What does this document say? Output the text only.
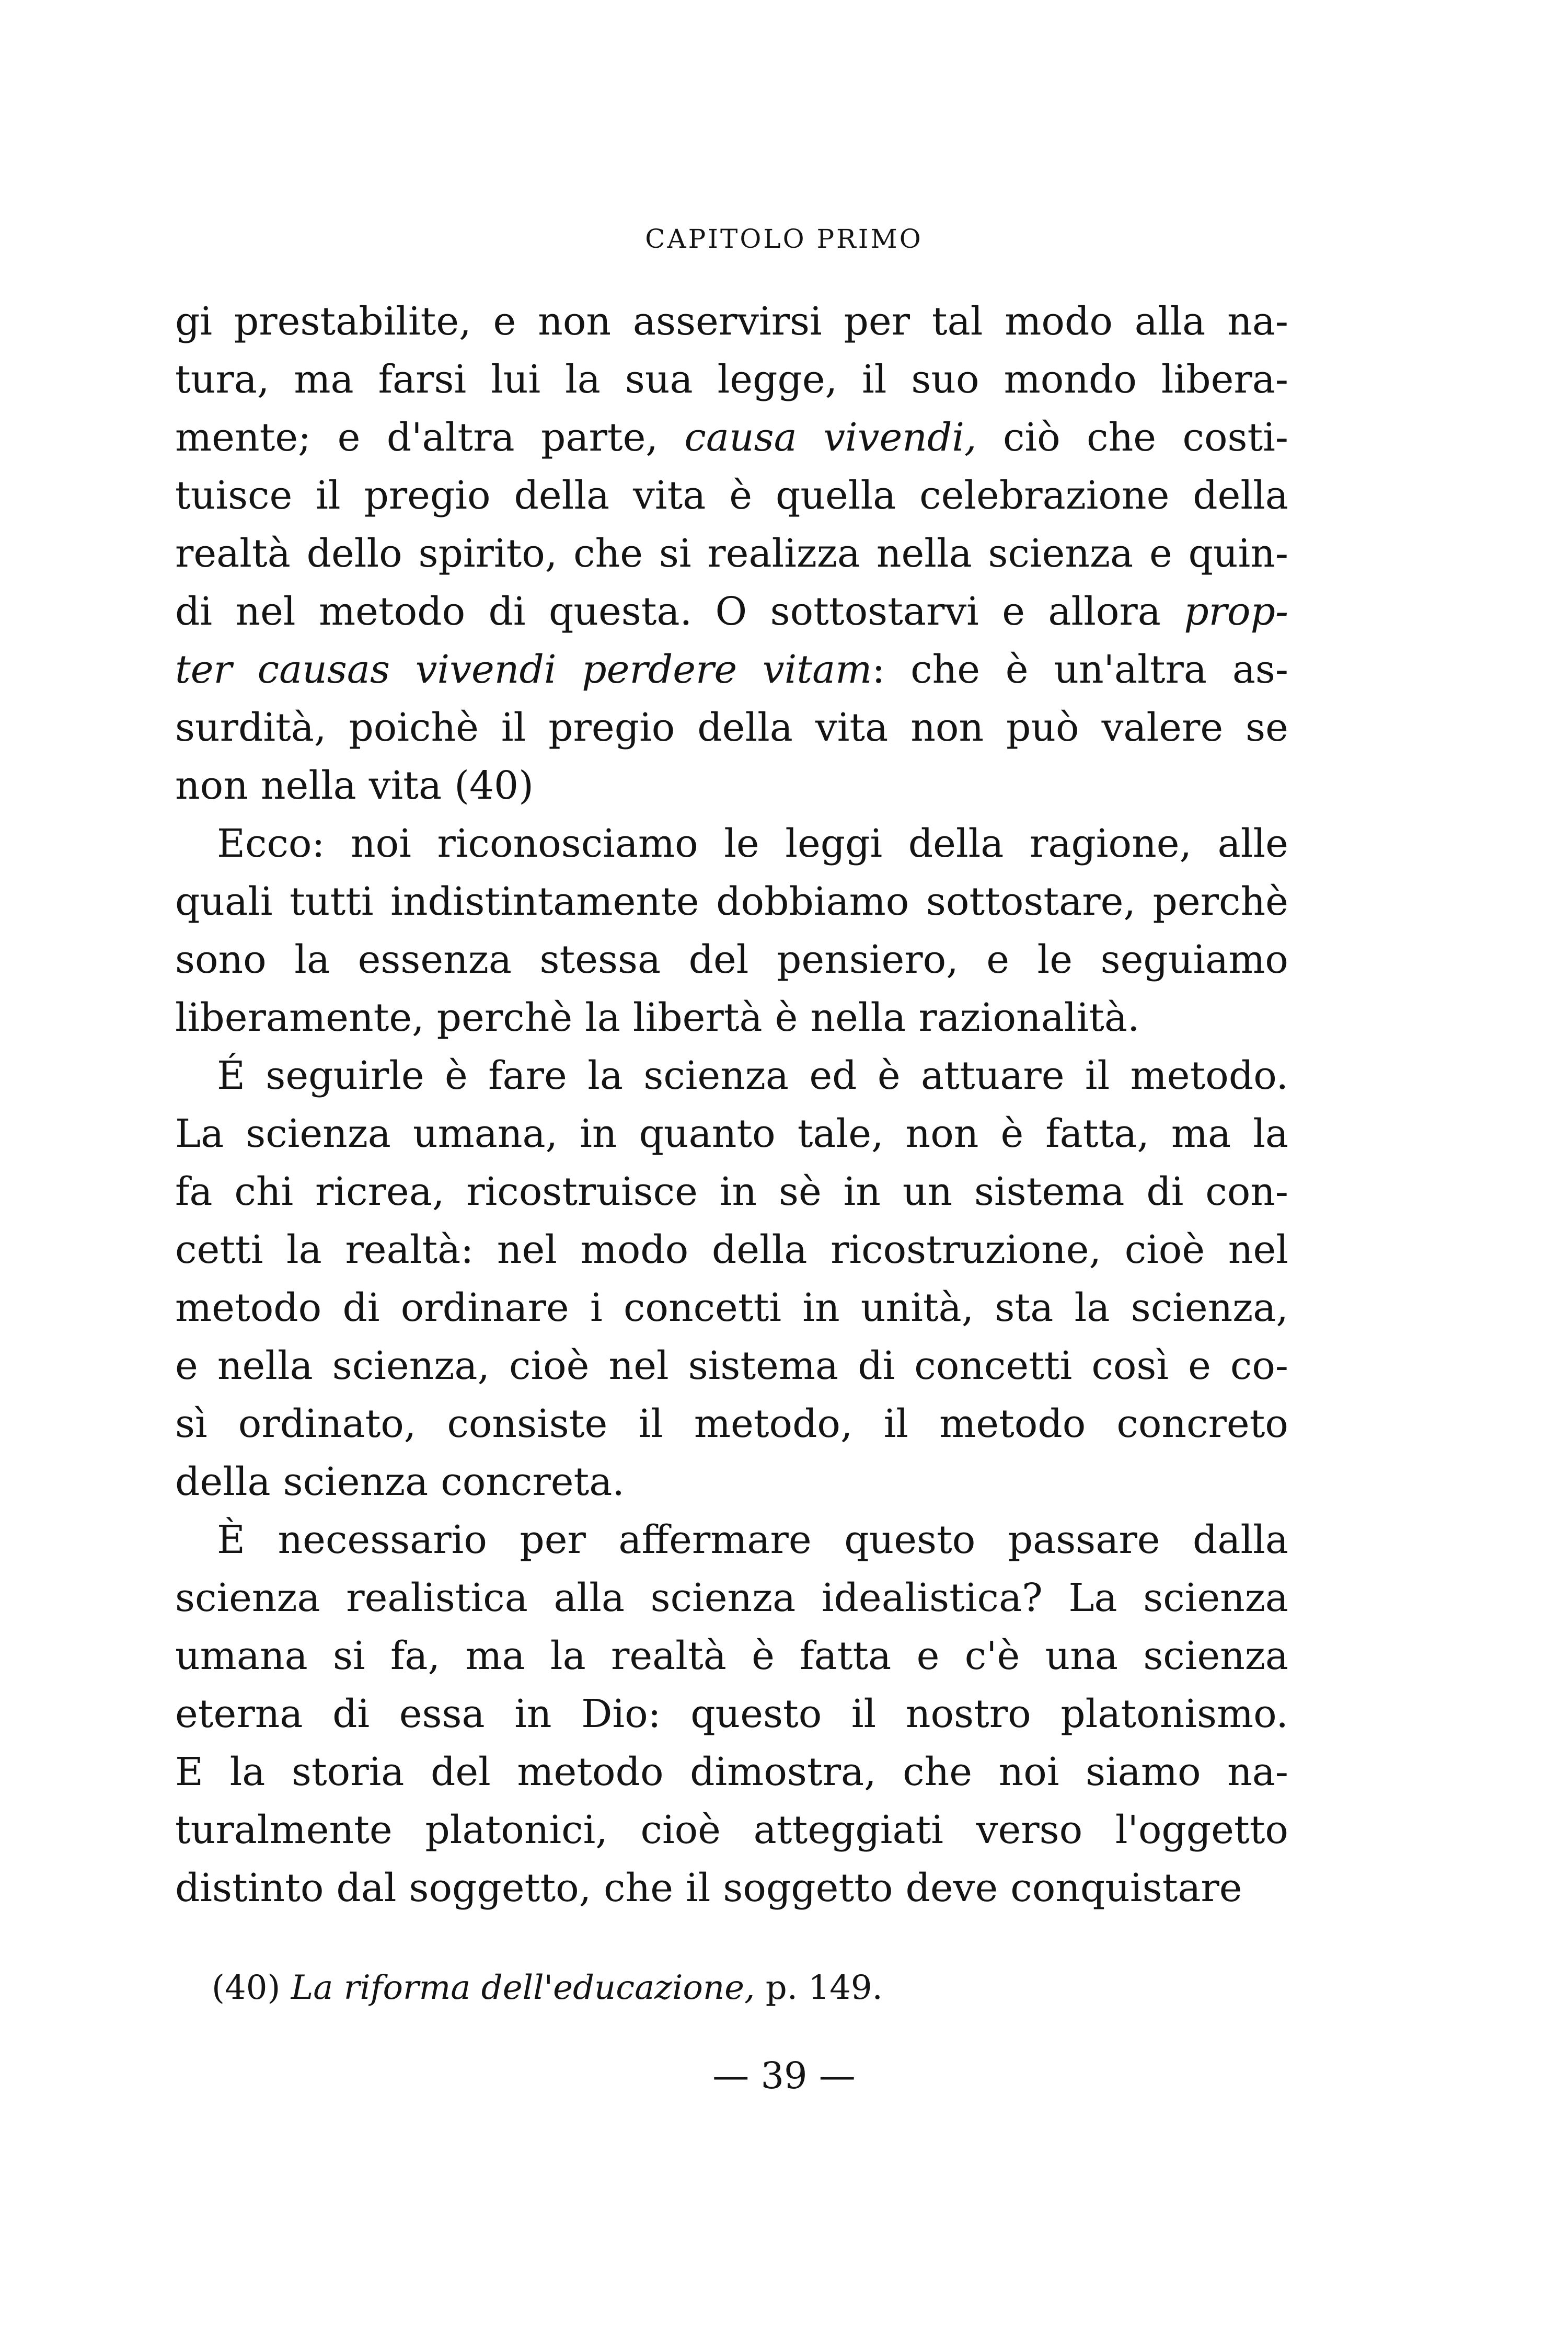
CAPITOLO PRIMO
gi prestabilite, e non asservirsi per tal modo alla na-
tura, ma farsi lui la sua legge, il suo mondo libera-
mente; e d'altra parte, causa vivendi, ciò che costi-
tuisce il pregio della vita è quella celebrazione della
realtà dello spirito, che si realizza nella scienza e quin-
di nel metodo di questa. O sottostarvi e allora prop-
ter causas vivendi perdere vitam: che è un'altra as-
surdità, poichè il pregio della vita non può valere se
non nella vita (40)
Ecco: noi riconosciamo le leggi della ragione, alle
quali tutti indistintamente dobbiamo sottostare, perchè
sono la essenza stessa del pensiero, e le seguiamo
liberamente, perchè la libertà è nella razionalità.
É seguirle è fare la scienza ed è attuare il metodo.
La scienza umana, in quanto tale, non è fatta, ma la
fa chi ricrea, ricostruisce in sè in un sistema di con-
cetti la realtà: nel modo della ricostruzione, cioè nel
metodo di ordinare i concetti in unità, sta la scienza,
e nella scienza, cioè nel sistema di concetti così e co-
sì ordinato, consiste il metodo, il metodo concreto
della scienza concreta.
È necessario per affermare questo passare dalla
scienza realistica alla scienza idealistica? La scienza
umana si fa, ma la realtà è fatta e c'è una scienza
eterna di essa in Dio: questo il nostro platonismo.
E la storia del metodo dimostra, che noi siamo na-
turalmente platonici, cioè atteggiati verso l'oggetto
distinto dal soggetto, che il soggetto deve conquistare
(40) La riforma dell'educazione, p. 149.
— 39 —
